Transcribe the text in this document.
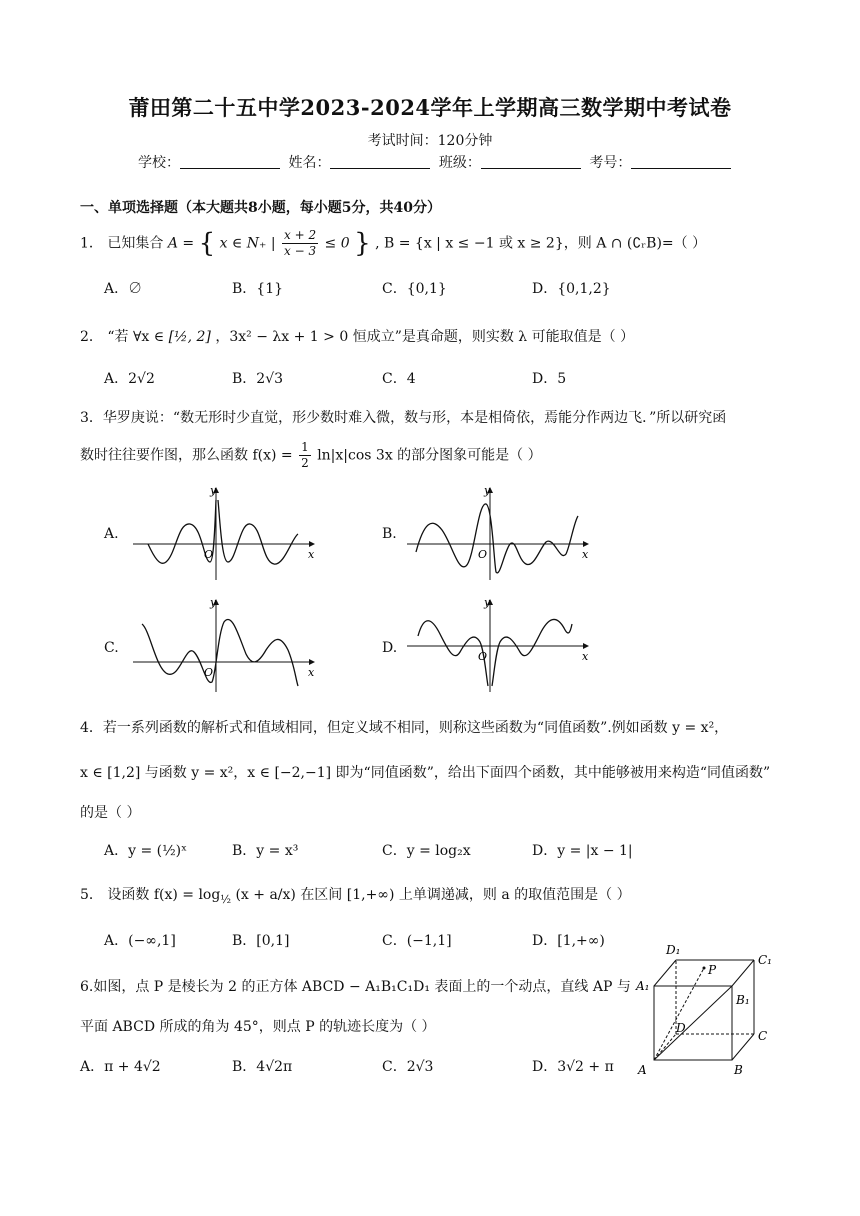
莆田第二十五中学2023-2024学年上学期高三数学期中考试卷
考试时间：120分钟
学校：	姓名：	班级：	考号：
一、单项选择题（本大题共8小题，每小题5分，共40分）
1． 已知集合 A = { x ∈ N₊ | $\frac{x + 2}{x - 3} \le 0$ } , B = {x | x ≤ −1 或 x ≥ 2}，则 A ∩ (∁ᵣB)=（ ）
A．∅	B．{1}	C．{0,1}	D．{0,1,2}
2． “若 ∀x ∈ [½, 2] ，3x² − λx + 1 > 0 恒成立”是真命题，则实数 λ 可能取值是（ ）
A．2√2	B．2√3	C．4	D．5
3．华罗庚说：“数无形时少直觉，形少数时难入微，数与形，本是相倚依，焉能分作两边飞．”所以研究函
数时往往要作图，那么函数 $f(x) = \frac{1}{2} \ln|x|\cos$ 3x 的部分图象可能是（ ）
A.	B.
C.	D.
x
y
O	x
y
O
x
y
O
x
y
O
4．若一系列函数的解析式和值域相同，但定义域不相同，则称这些函数为“同值函数”.例如函数 y = x²，
x ∈ [1,2] 与函数 y = x²，x ∈ [−2,−1] 即为“同值函数”，给出下面四个函数，其中能够被用来构造“同值函数”
的是（ ）
A．y = (½)ˣ	B．y = x³	C．y = log₂x	D．y = |x − 1|
5． 设函数 $f(x) = \log_{\frac{1}{2}} (x + a/x)$ 在区间 [1,+∞) 上单调递减，则 a 的取值范围是（ ）
A．(−∞,1]	B．[0,1]	C．(−1,1]	D．[1,+∞)
6.如图，点 P 是棱长为 2 的正方体 ABCD − A₁B₁C₁D₁ 表面上的一个动点，直线 AP 与
平面 ABCD 所成的角为 45°，则点 P 的轨迹长度为（ ）
A．π + 4√2	B．4√2π	C．2√3	D．3√2 + π A	B
C
D
A₁
B₁
C₁
D₁
P
